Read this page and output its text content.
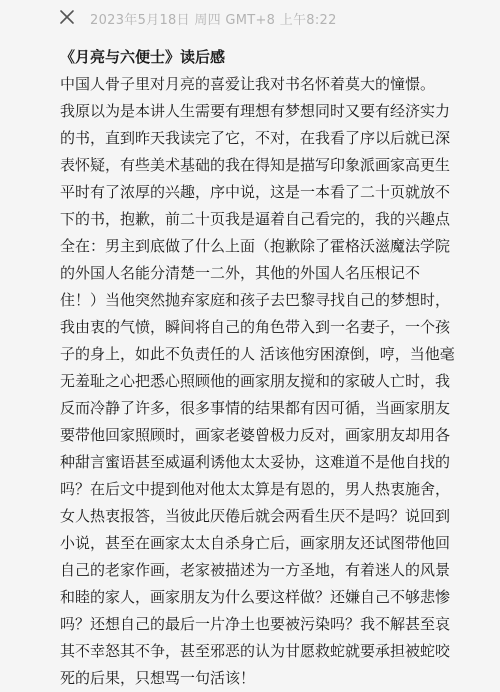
2023年5月18日 周四 GMT+8 上午8:22

《月亮与六便士》读后感

中国人骨子里对月亮的喜爱让我对书名怀着莫大的憧憬。

我原以为是本讲人生需要有理想有梦想同时又要有经济实力

的书，直到昨天我读完了它，不对，在我看了序以后就已深

表怀疑，有些美术基础的我在得知是描写印象派画家高更生

平时有了浓厚的兴趣，序中说，这是一本看了二十页就放不

下的书，抱歉，前二十页我是逼着自己看完的，我的兴趣点

全在：男主到底做了什么上面（抱歉除了霍格沃滋魔法学院

的外国人名能分清楚一二外，其他的外国人名压根记不

住！）当他突然抛弃家庭和孩子去巴黎寻找自己的梦想时，

我由衷的气愤，瞬间将自己的角色带入到一名妻子，一个孩

子的身上，如此不负责任的人 活该他穷困潦倒，哼，当他毫

无羞耻之心把悉心照顾他的画家朋友搅和的家破人亡时，我

反而冷静了许多，很多事情的结果都有因可循，当画家朋友

要带他回家照顾时，画家老婆曾极力反对，画家朋友却用各

种甜言蜜语甚至威逼利诱他太太妥协，这难道不是他自找的

吗？在后文中提到他对他太太算是有恩的，男人热衷施舍，

女人热衷报答，当彼此厌倦后就会两看生厌不是吗？说回到

小说，甚至在画家太太自杀身亡后，画家朋友还试图带他回

自己的老家作画，老家被描述为一方圣地，有着迷人的风景

和睦的家人，画家朋友为什么要这样做？还嫌自己不够悲惨

吗？还想自己的最后一片净土也要被污染吗？我不解甚至哀

其不幸怒其不争，甚至邪恶的认为甘愿救蛇就要承担被蛇咬

死的后果，只想骂一句活该！
